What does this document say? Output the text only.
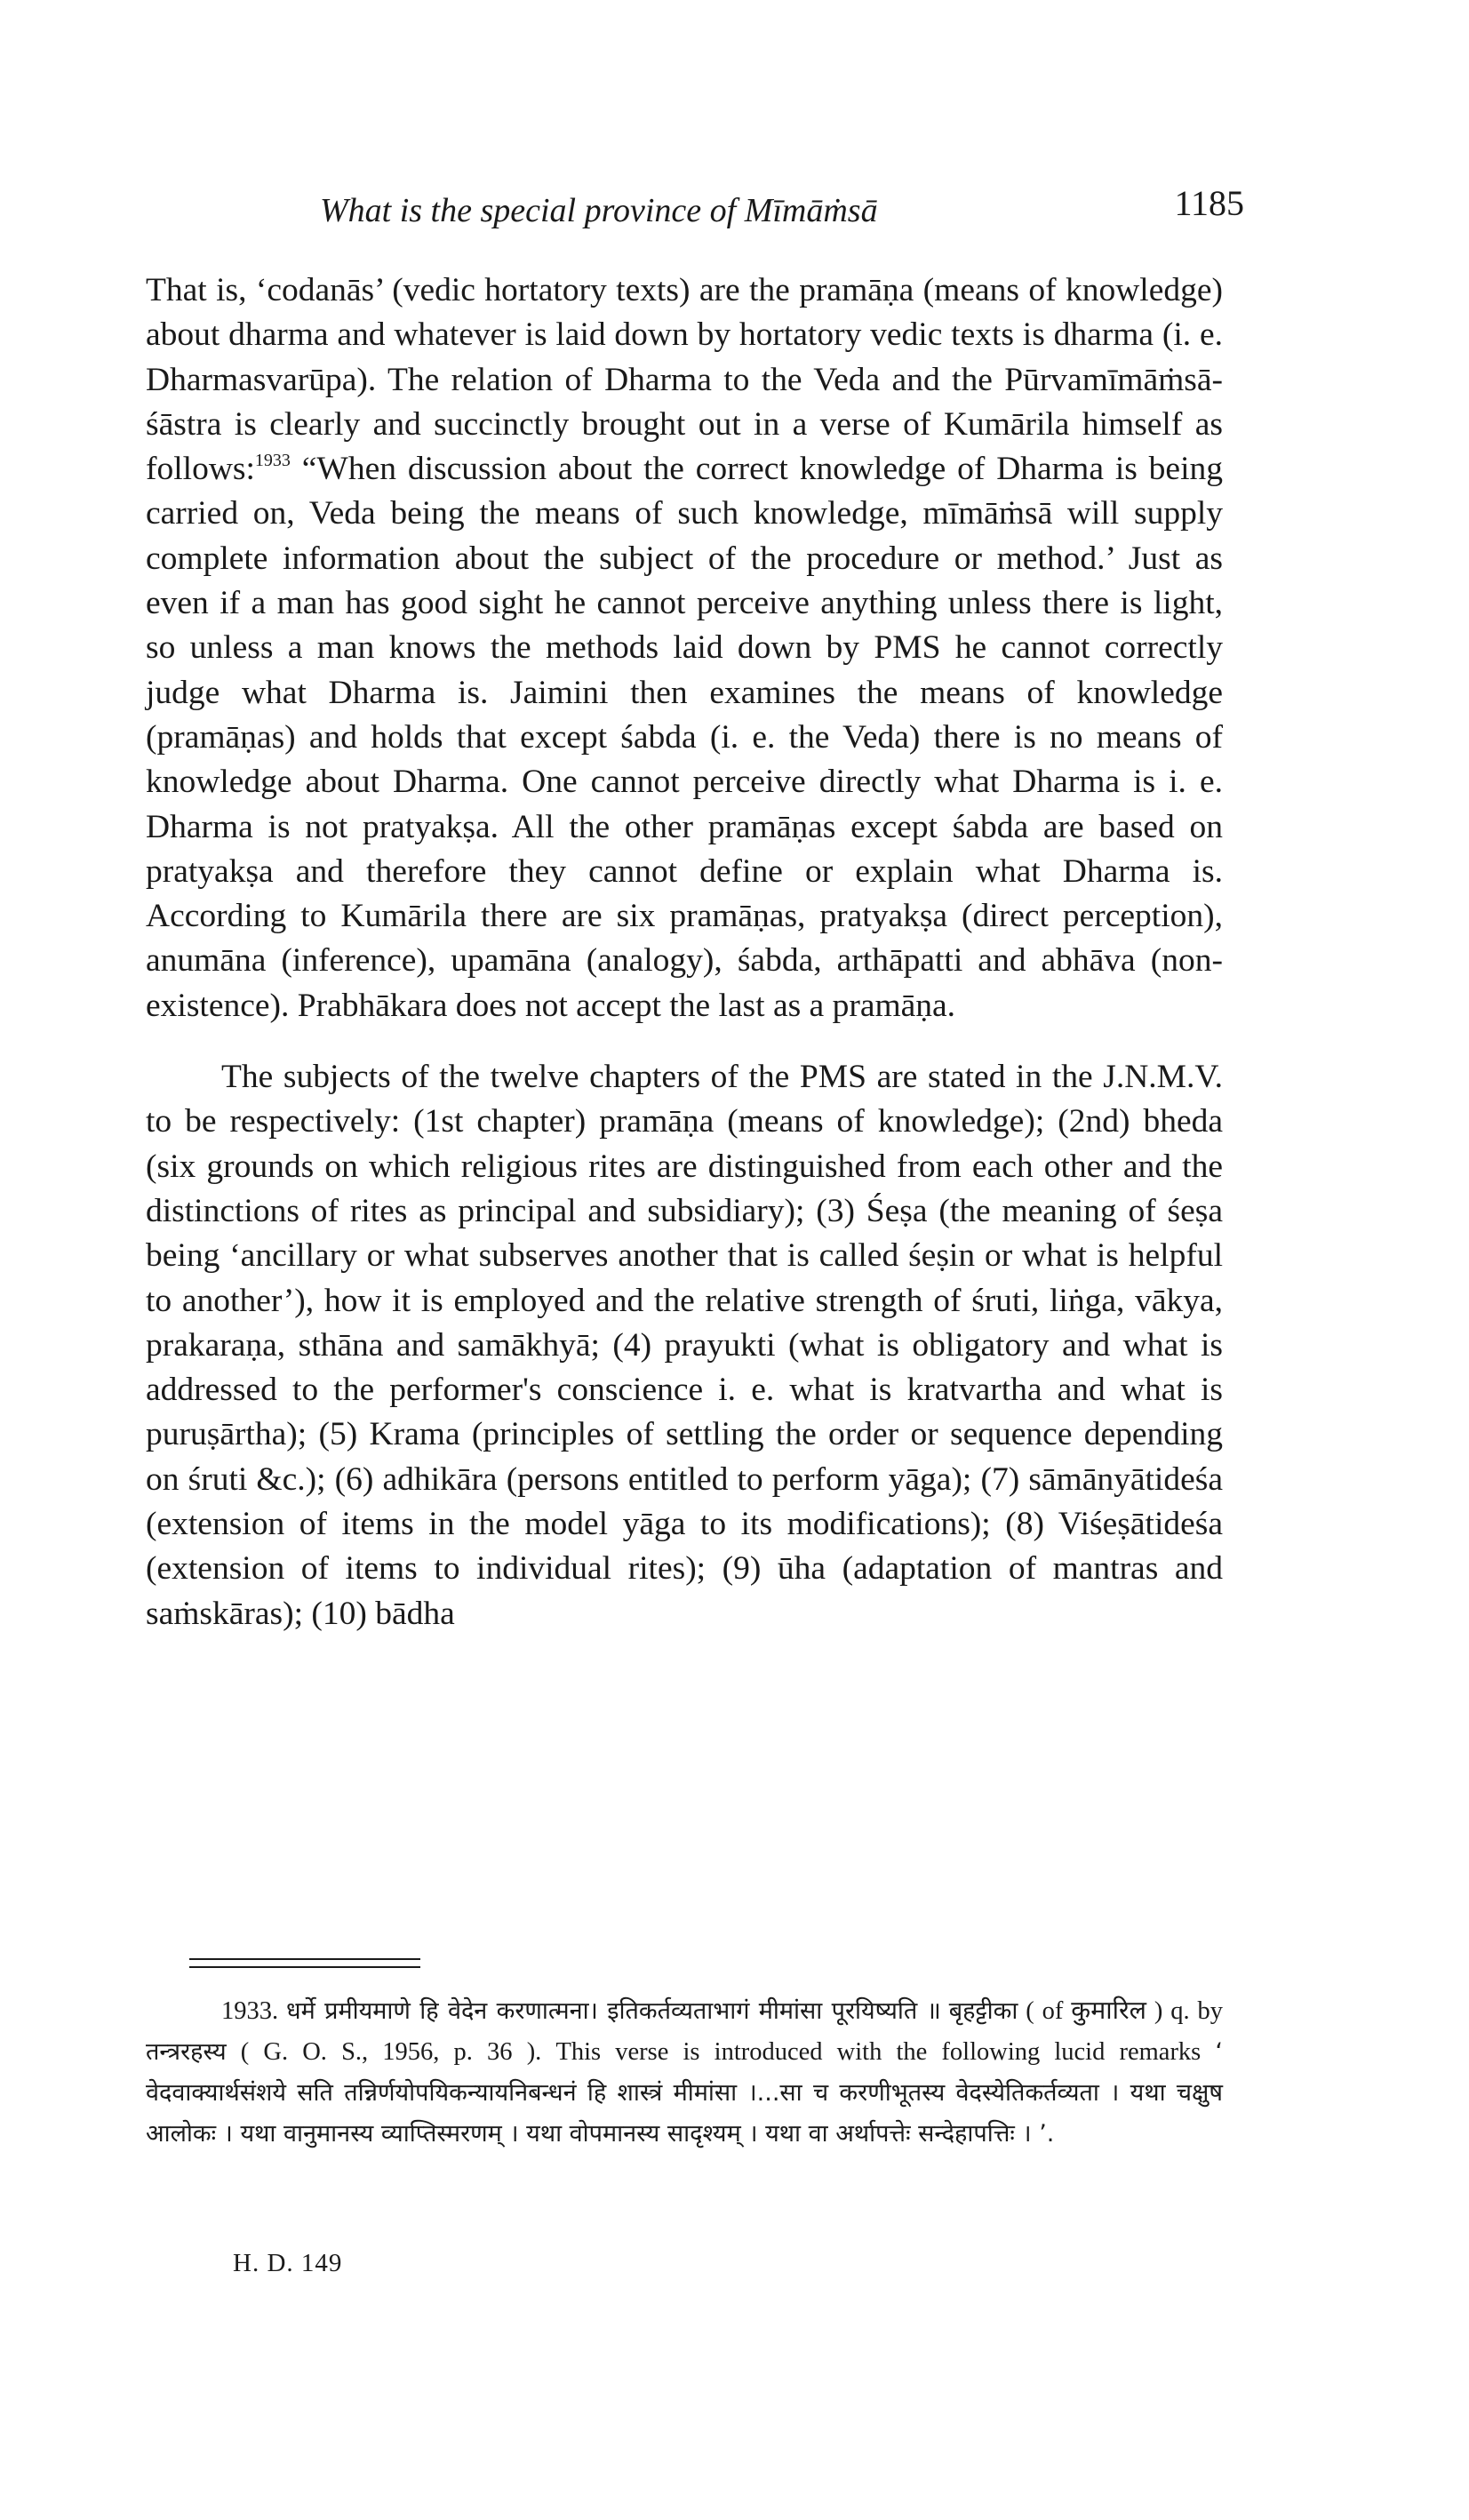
What is the special province of Mīmāṁsā	1185

That is, ‘codanās’ (vedic hortatory texts) are the pramāṇa (means of knowledge) about dharma and whatever is laid down by hortatory vedic texts is dharma (i. e. Dharmasvarūpa). The relation of Dharma to the Veda and the Pūrvamīmāṁsā-śāstra is clearly and succinctly brought out in a verse of Kumārila himself as follows:$^{1933}$ “When discussion about the correct knowledge of Dharma is being carried on, Veda being the means of such knowledge, mīmāṁsā will supply complete information about the subject of the procedure or method.’ Just as even if a man has good sight he cannot perceive anything unless there is light, so unless a man knows the methods laid down by PMS he cannot correctly judge what Dharma is. Jaimini then examines the means of knowledge (pramāṇas) and holds that except śabda (i. e. the Veda) there is no means of knowledge about Dharma. One cannot perceive directly what Dharma is i. e. Dharma is not pratyakṣa. All the other pramāṇas except śabda are based on pratyakṣa and therefore they cannot define or explain what Dharma is. According to Kumārila there are six pramāṇas, pratyakṣa (direct perception), anumāna (inference), upamāna (analogy), śabda, arthāpatti and abhāva (non-existence). Prabhākara does not accept the last as a pramāṇa.

The subjects of the twelve chapters of the PMS are stated in the J.N.M.V. to be respectively: (1st chapter) pramāṇa (means of knowledge); (2nd) bheda (six grounds on which religious rites are distinguished from each other and the distinctions of rites as principal and subsidiary); (3) Śeṣa (the meaning of śeṣa being ‘ancillary or what subserves another that is called śeṣin or what is helpful to another’), how it is employed and the relative strength of śruti, liṅga, vākya, prakaraṇa, sthāna and samākhyā; (4) prayukti (what is obligatory and what is addressed to the performer's conscience i. e. what is kratvartha and what is puruṣārtha); (5) Krama (principles of settling the order or sequence depending on śruti &c.); (6) adhikāra (persons entitled to perform yāga); (7) sāmānyātideśa (extension of items in the model yāga to its modifications); (8) Viśeṣātideśa (extension of items to individual rites); (9) ūha (adaptation of mantras and saṁskāras); (10) bādha

1933. धर्मे प्रमीयमाणे हि वेदेन करणात्मना। इतिकर्तव्यताभागं मीमांसा पूरयिष्यति ॥ बृहट्टीका ( of कुमारिल ) q. by तन्त्ररहस्य ( G. O. S., 1956, p. 36 ). This verse is introduced with the following lucid remarks ‘ वेदवाक्यार्थसंशये सति तन्निर्णयोपयिकन्यायनिबन्धनं हि शास्त्रं मीमांसा ।...सा च करणीभूतस्य वेदस्येतिकर्तव्यता । यथा चक्षुष आलोकः । यथा वानुमानस्य व्याप्तिस्मरणम् । यथा वोपमानस्य सादृश्यम् । यथा वा अर्थापत्तेः सन्देहापत्तिः । ’.

H. D. 149
